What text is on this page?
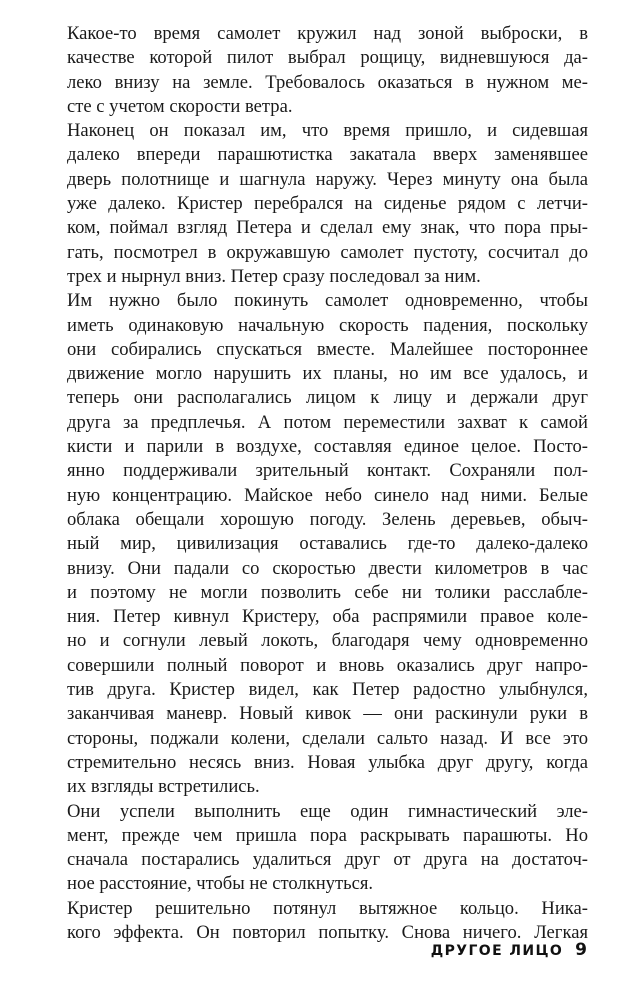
Какое-то время самолет кружил над зоной выброски, в
качестве которой пилот выбрал рощицу, видневшуюся да-
леко внизу на земле. Требовалось оказаться в нужном ме-
сте с учетом скорости ветра.

Наконец он показал им, что время пришло, и сидевшая
далеко впереди парашютистка закатала вверх заменявшее
дверь полотнище и шагнула наружу. Через минуту она была
уже далеко. Кристер перебрался на сиденье рядом с летчи-
ком, поймал взгляд Петера и сделал ему знак, что пора пры-
гать, посмотрел в окружавшую самолет пустоту, сосчитал до
трех и нырнул вниз. Петер сразу последовал за ним.

Им нужно было покинуть самолет одновременно, чтобы
иметь одинаковую начальную скорость падения, поскольку
они собирались спускаться вместе. Малейшее постороннее
движение могло нарушить их планы, но им все удалось, и
теперь они располагались лицом к лицу и держали друг
друга за предплечья. А потом переместили захват к самой
кисти и парили в воздухе, составляя единое целое. Посто-
янно поддерживали зрительный контакт. Сохраняли пол-
ную концентрацию. Майское небо синело над ними. Белые
облака обещали хорошую погоду. Зелень деревьев, обыч-
ный мир, цивилизация оставались где-то далеко-далеко
внизу. Они падали со скоростью двести километров в час
и поэтому не могли позволить себе ни толики расслабле-
ния. Петер кивнул Кристеру, оба распрямили правое коле-
но и согнули левый локоть, благодаря чему одновременно
совершили полный поворот и вновь оказались друг напро-
тив друга. Кристер видел, как Петер радостно улыбнулся,
заканчивая маневр. Новый кивок — они раскинули руки в
стороны, поджали колени, сделали сальто назад. И все это
стремительно несясь вниз. Новая улыбка друг другу, когда
их взгляды встретились.

Они успели выполнить еще один гимнастический эле-
мент, прежде чем пришла пора раскрывать парашюты. Но
сначала постарались удалиться друг от друга на достаточ-
ное расстояние, чтобы не столкнуться.

Кристер решительно потянул вытяжное кольцо. Ника-
кого эффекта. Он повторил попытку. Снова ничего. Легкая

ДРУГОЕ ЛИЦО 9
